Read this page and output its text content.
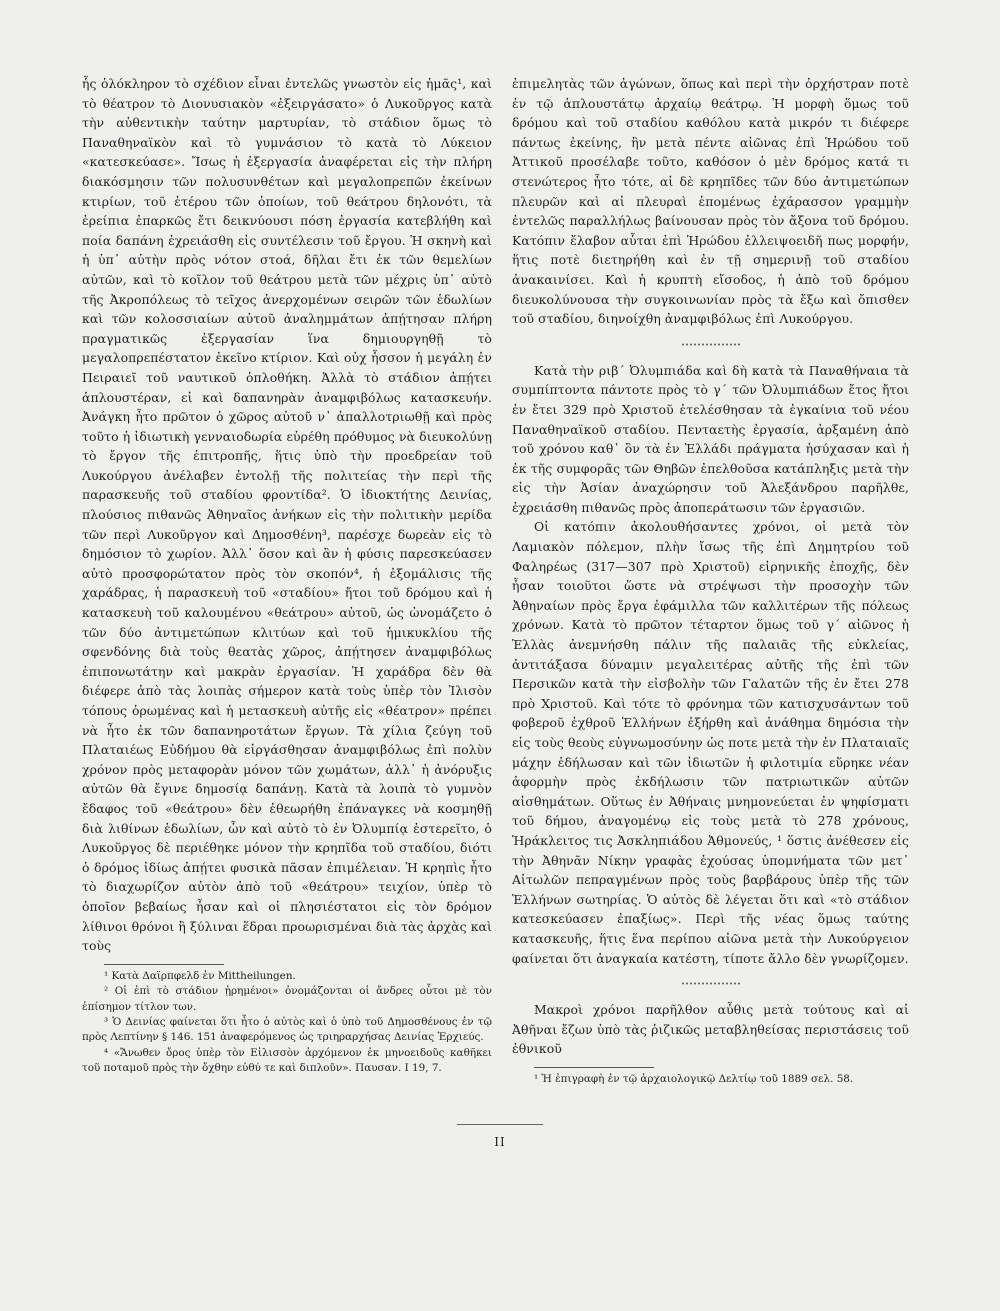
ἧς ὁλόκληρον τὸ σχέδιον εἶναι ἐντελῶς γνωστὸν εἰς ἡμᾶς¹, καὶ τὸ θέατρον τὸ Διονυσιακὸν «ἐξειργάσατο» ὁ Λυκοῦργος κατὰ τὴν αὐθεντικὴν ταύτην μαρτυρίαν, τὸ στάδιον ὅμως τὸ Παναθηναϊκὸν καὶ τὸ γυμνάσιον τὸ κατὰ τὸ Λύκειον «κατεσκεύασε». Ἴσως ἡ ἐξεργασία ἀναφέρεται εἰς τὴν πλήρη διακόσμησιν τῶν πολυσυνθέτων καὶ μεγαλοπρεπῶν ἐκείνων κτιρίων, τοῦ ἑτέρου τῶν ὁποίων, τοῦ θεάτρου δηλονότι, τὰ ἐρείπια ἐπαρκῶς ἔτι δεικνύουσι πόση ἐργασία κατεβλήθη καὶ ποία δαπάνη ἐχρειάσθη εἰς συντέλεσιν τοῦ ἔργου. Ἡ σκηνὴ καὶ ἡ ὑπ᾽ αὐτὴν πρὸς νότον στοά, δῆλαι ἔτι ἐκ τῶν θεμελίων αὐτῶν, καὶ τὸ κοῖλον τοῦ θεάτρου μετὰ τῶν μέχρις ὑπ᾽ αὐτὸ τῆς Ἀκροπόλεως τὸ τεῖχος ἀνερχομένων σειρῶν τῶν ἑδωλίων καὶ τῶν κολοσσιαίων αὐτοῦ ἀναλημμάτων ἀπῄτησαν πλήρη πραγματικῶς ἐξεργασίαν ἵνα δημιουργηθῇ τὸ μεγαλοπρεπέστατον ἐκεῖνο κτίριον. Καὶ οὐχ ἧσσον ἡ μεγάλη ἐν Πειραιεῖ τοῦ ναυτικοῦ ὁπλοθήκη. Ἀλλὰ τὸ στάδιον ἀπῄτει ἁπλουστέραν, εἰ καὶ δαπανηρὰν ἀναμφιβόλως κατασκευήν. Ἀνάγκη ἦτο πρῶτον ὁ χῶρος αὐτοῦ ν᾽ ἀπαλλοτριωθῇ καὶ πρὸς τοῦτο ἡ ἰδιωτικὴ γενναιοδωρία εὑρέθη πρόθυμος νὰ διευκολύνῃ τὸ ἔργον τῆς ἐπιτροπῆς, ἥτις ὑπὸ τὴν προεδρείαν τοῦ Λυκούργου ἀνέλαβεν ἐντολῇ τῆς πολιτείας τὴν περὶ τῆς παρασκευῆς τοῦ σταδίου φροντίδα². Ὁ ἰδιοκτήτης Δεινίας, πλούσιος πιθανῶς Ἀθηναῖος ἀνήκων εἰς τὴν πολιτικὴν μερίδα τῶν περὶ Λυκοῦργον καὶ Δημοσθένη³, παρέσχε δωρεὰν εἰς τὸ δημόσιον τὸ χωρίον. Ἀλλ᾽ ὅσον καὶ ἂν ἡ φύσις παρεσκεύασεν αὐτὸ προσφορώτατον πρὸς τὸν σκοπόν⁴, ἡ ἐξομάλισις τῆς χαράδρας, ἡ παρασκευὴ τοῦ «σταδίου» ἤτοι τοῦ δρόμου καὶ ἡ κατασκευὴ τοῦ καλουμένου «θεάτρου» αὐτοῦ, ὡς ὠνομάζετο ὁ τῶν δύο ἀντιμετώπων κλιτύων καὶ τοῦ ἡμικυκλίου τῆς σφενδόνης διὰ τοὺς θεατὰς χῶρος, ἀπῄτησεν ἀναμφιβόλως ἐπιπονωτάτην καὶ μακρὰν ἐργασίαν. Ἡ χαράδρα δὲν θὰ διέφερε ἀπὸ τὰς λοιπὰς σήμερον κατὰ τοὺς ὑπὲρ τὸν Ἰλισὸν τόπους ὁρωμένας καὶ ἡ μετασκευὴ αὐτῆς εἰς «θέατρον» πρέπει νὰ ἦτο ἐκ τῶν δαπανηροτάτων ἔργων. Τὰ χίλια ζεύγη τοῦ Πλαταιέως Εὐδήμου θὰ εἰργάσθησαν ἀναμφιβόλως ἐπὶ πολὺν χρόνον πρὸς μεταφορὰν μόνον τῶν χωμάτων, ἀλλ᾽ ἡ ἀνόρυξις αὐτῶν θὰ ἔγινε δημοσίᾳ δαπάνῃ. Κατὰ τὰ λοιπὰ τὸ γυμνὸν ἔδαφος τοῦ «θεάτρου» δὲν ἐθεωρήθη ἐπάναγκες νὰ κοσμηθῇ διὰ λιθίνων ἑδωλίων, ὧν καὶ αὐτὸ τὸ ἐν Ὀλυμπίᾳ ἐστερεῖτο, ὁ Λυκοῦργος δὲ περιέθηκε μόνον τὴν κρηπῖδα τοῦ σταδίου, διότι ὁ δρόμος ἰδίως ἀπῄτει φυσικὰ πᾶσαν ἐπιμέλειαν. Ἡ κρηπὶς ἦτο τὸ διαχωρίζον αὐτὸν ἀπὸ τοῦ «θεάτρου» τειχίον, ὑπὲρ τὸ ὁποῖον βεβαίως ἦσαν καὶ οἱ πλησιέστατοι εἰς τὸν δρόμον λίθινοι θρόνοι ἢ ξύλιναι ἕδραι προωρισμέναι διὰ τὰς ἀρχὰς καὶ τοὺς

¹ Κατὰ Δαϊρπφελδ ἐν Mittheilungen.

² Οἱ ἐπὶ τὸ στάδιον ᾑρημένοι» ὀνομάζονται οἱ ἄνδρες οὗτοι μὲ τὸν ἐπίσημον τίτλον των.

³ Ὁ Δεινίας φαίνεται ὅτι ἦτο ὁ αὐτὸς καὶ ὁ ὑπὸ τοῦ Δημοσθένους ἐν τῷ πρὸς Λεπτίνην § 146. 151 ἀναφερόμενος ὡς τριηραρχήσας Δεινίας Ἐρχιεύς.

⁴ «Ἄνωθεν ὄρος ὑπὲρ τὸν Εἰλισσὸν ἀρχόμενον ἐκ μηνοειδοῦς καθῆκει τοῦ ποταμοῦ πρὸς τὴν ὄχθην εὐθύ τε καὶ διπλοῦν». Παυσαν. Ι 19, 7.

ἐπιμελητὰς τῶν ἀγώνων, ὅπως καὶ περὶ τὴν ὀρχήστραν ποτὲ ἐν τῷ ἁπλουστάτῳ ἀρχαίῳ θεάτρῳ. Ἡ μορφὴ ὅμως τοῦ δρόμου καὶ τοῦ σταδίου καθόλου κατὰ μικρόν τι διέφερε πάντως ἐκείνης, ἣν μετὰ πέντε αἰῶνας ἐπὶ Ἡρώδου τοῦ Ἀττικοῦ προσέλαβε τοῦτο, καθόσον ὁ μὲν δρόμος κατά τι στενώτερος ἦτο τότε, αἱ δὲ κρηπῖδες τῶν δύο ἀντιμετώπων πλευρῶν καὶ αἱ πλευραὶ ἑπομένως ἐχάρασσον γραμμὴν ἐντελῶς παραλλήλως βαίνουσαν πρὸς τὸν ἄξονα τοῦ δρόμου. Κατόπιν ἔλαβον αὗται ἐπὶ Ἡρώδου ἐλλειψοειδῆ πως μορφήν, ἥτις ποτὲ διετηρήθη καὶ ἐν τῇ σημερινῇ τοῦ σταδίου ἀνακαινίσει. Καὶ ἡ κρυπτὴ εἴσοδος, ἡ ἀπὸ τοῦ δρόμου διευκολύνουσα τὴν συγκοινωνίαν πρὸς τὰ ἔξω καὶ ὄπισθεν τοῦ σταδίου, διηνοίχθη ἀναμφιβόλως ἐπὶ Λυκούργου.

Κατὰ τὴν ριβ´ Ὀλυμπιάδα καὶ δὴ κατὰ τὰ Παναθήναια τὰ συμπίπτοντα πάντοτε πρὸς τὸ γ´ τῶν Ὀλυμπιάδων ἔτος ἤτοι ἐν ἔτει 329 πρὸ Χριστοῦ ἐτελέσθησαν τὰ ἐγκαίνια τοῦ νέου Παναθηναϊκοῦ σταδίου. Πενταετὴς ἐργασία, ἀρξαμένη ἀπὸ τοῦ χρόνου καθ᾽ ὃν τὰ ἐν Ἑλλάδι πράγματα ἡσύχασαν καὶ ἡ ἐκ τῆς συμφορᾶς τῶν Θηβῶν ἐπελθοῦσα κατάπληξις μετὰ τὴν εἰς τὴν Ἀσίαν ἀναχώρησιν τοῦ Ἀλεξάνδρου παρῆλθε, ἐχρειάσθη πιθανῶς πρὸς ἀποπεράτωσιν τῶν ἐργασιῶν.

Οἱ κατόπιν ἀκολουθήσαντες χρόνοι, οἱ μετὰ τὸν Λαμιακὸν πόλεμον, πλὴν ἴσως τῆς ἐπὶ Δημητρίου τοῦ Φαληρέως (317—307 πρὸ Χριστοῦ) εἰρηνικῆς ἐποχῆς, δὲν ἦσαν τοιοῦτοι ὥστε νὰ στρέψωσι τὴν προσοχὴν τῶν Ἀθηναίων πρὸς ἔργα ἐφάμιλλα τῶν καλλιτέρων τῆς πόλεως χρόνων. Κατὰ τὸ πρῶτον τέταρτον ὅμως τοῦ γ´ αἰῶνος ἡ Ἑλλὰς ἀνεμνήσθη πάλιν τῆς παλαιᾶς τῆς εὐκλείας, ἀντιτάξασα δύναμιν μεγαλειτέρας αὐτῆς τῆς ἐπὶ τῶν Περσικῶν κατὰ τὴν εἰσβολὴν τῶν Γαλατῶν τῆς ἐν ἔτει 278 πρὸ Χριστοῦ. Καὶ τότε τὸ φρόνημα τῶν κατισχυσάντων τοῦ φοβεροῦ ἐχθροῦ Ἑλλήνων ἐξήρθη καὶ ἀνάθημα δημόσια τὴν εἰς τοὺς θεοὺς εὐγνωμοσύνην ὡς ποτε μετὰ τὴν ἐν Πλαταιαῖς μάχην ἐδήλωσαν καὶ τῶν ἰδιωτῶν ἡ φιλοτιμία εὕρηκε νέαν ἀφορμὴν πρὸς ἐκδήλωσιν τῶν πατριωτικῶν αὐτῶν αἰσθημάτων. Οὕτως ἐν Ἀθήναις μνημονεύεται ἐν ψηφίσματι τοῦ δήμου, ἀναγομένῳ εἰς τοὺς μετὰ τὸ 278 χρόνους, Ἡράκλειτος τις Ἀσκληπιάδου Ἀθμονεύς, ¹ ὅστις ἀνέθεσεν εἰς τὴν Ἀθηνᾶν Νίκην γραφὰς ἐχούσας ὑπομνήματα τῶν μετ᾽ Αἰτωλῶν πεπραγμένων πρὸς τοὺς βαρβάρους ὑπὲρ τῆς τῶν Ἑλλήνων σωτηρίας. Ὁ αὐτὸς δὲ λέγεται ὅτι καὶ «τὸ στάδιον κατεσκεύασεν ἐπαξίως». Περὶ τῆς νέας ὅμως ταύτης κατασκευῆς, ἥτις ἕνα περίπου αἰῶνα μετὰ τὴν Λυκούργειον φαίνεται ὅτι ἀναγκαία κατέστη, τίποτε ἄλλο δὲν γνωρίζομεν.

Μακροὶ χρόνοι παρῆλθον αὖθις μετὰ τούτους καὶ αἱ Ἀθῆναι ἔζων ὑπὸ τὰς ῥιζικῶς μεταβληθείσας περιστάσεις τοῦ ἐθνικοῦ

¹ Ἡ ἐπιγραφὴ ἐν τῷ ἀρχαιολογικῷ Δελτίῳ τοῦ 1889 σελ. 58.

II
